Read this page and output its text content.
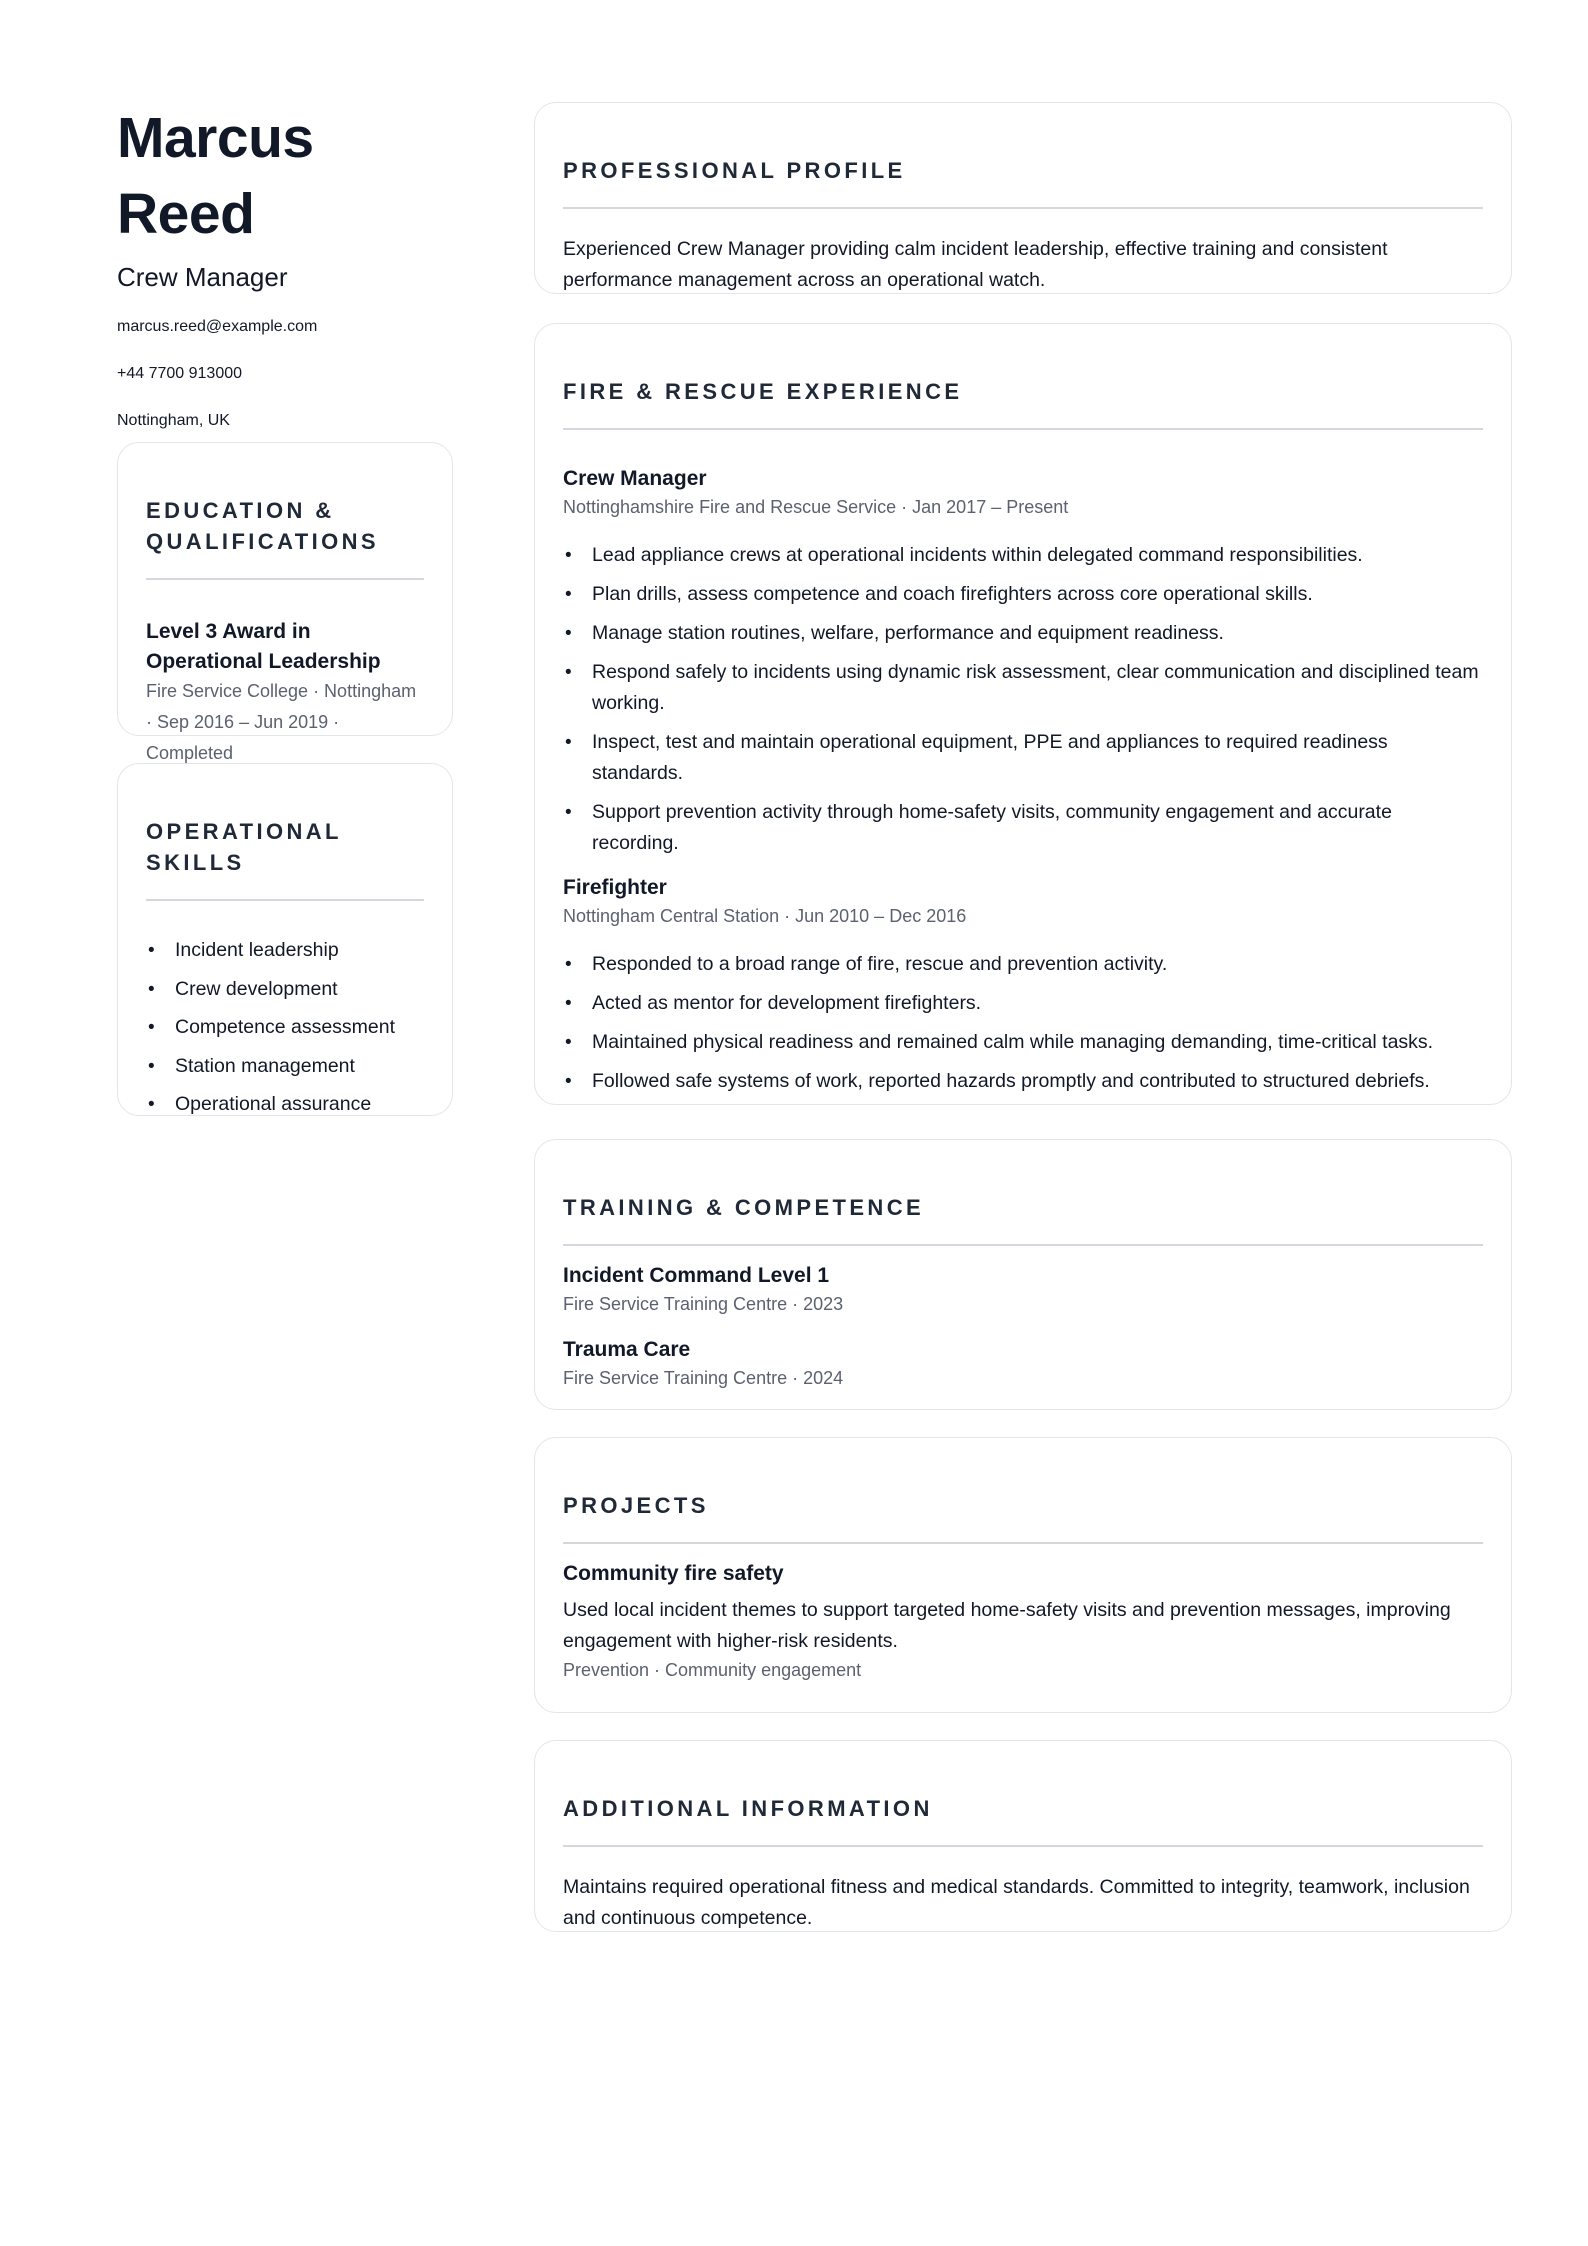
Marcus Reed
Crew Manager
marcus.reed@example.com
+44 7700 913000
Nottingham, UK
EDUCATION & QUALIFICATIONS
Level 3 Award in Operational Leadership
Fire Service College · Nottingham · Sep 2016 – Jun 2019 · Completed
OPERATIONAL SKILLS
• Incident leadership
• Crew development
• Competence assessment
• Station management
• Operational assurance
PROFESSIONAL PROFILE
Experienced Crew Manager providing calm incident leadership, effective training and consistent performance management across an operational watch.
FIRE & RESCUE EXPERIENCE
Crew Manager
Nottinghamshire Fire and Rescue Service · Jan 2017 – Present
• Lead appliance crews at operational incidents within delegated command responsibilities.
• Plan drills, assess competence and coach firefighters across core operational skills.
• Manage station routines, welfare, performance and equipment readiness.
• Respond safely to incidents using dynamic risk assessment, clear communication and disciplined team working.
• Inspect, test and maintain operational equipment, PPE and appliances to required readiness standards.
• Support prevention activity through home-safety visits, community engagement and accurate recording.
Firefighter
Nottingham Central Station · Jun 2010 – Dec 2016
• Responded to a broad range of fire, rescue and prevention activity.
• Acted as mentor for development firefighters.
• Maintained physical readiness and remained calm while managing demanding, time-critical tasks.
• Followed safe systems of work, reported hazards promptly and contributed to structured debriefs.
TRAINING & COMPETENCE
Incident Command Level 1
Fire Service Training Centre · 2023
Trauma Care
Fire Service Training Centre · 2024
PROJECTS
Community fire safety
Used local incident themes to support targeted home-safety visits and prevention messages, improving engagement with higher-risk residents.
Prevention · Community engagement
ADDITIONAL INFORMATION
Maintains required operational fitness and medical standards. Committed to integrity, teamwork, inclusion and continuous competence.
